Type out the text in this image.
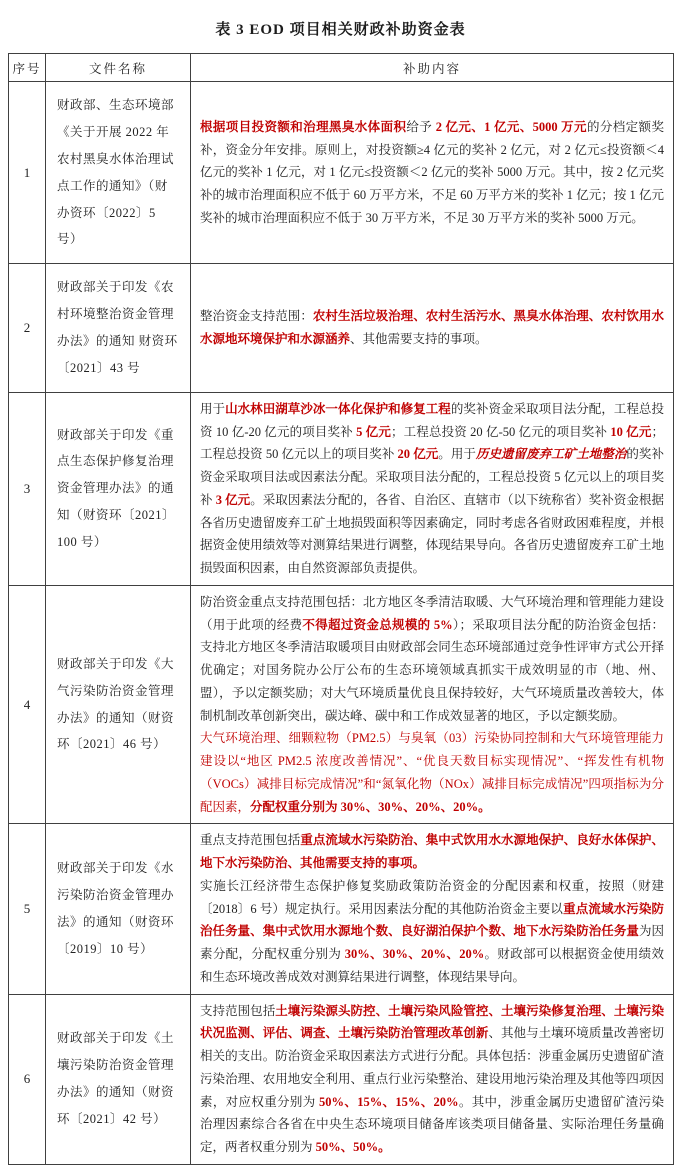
表 3 EOD 项目相关财政补助资金表
序号	文件名称	补助内容
1	财政部、生态环境部《关于开展 2022 年农村黑臭水体治理试点工作的通知》（财办资环〔2022〕5 号）	根据项目投资额和治理黑臭水体面积给予 2 亿元、1 亿元、5000 万元的分档定额奖补，资金分年安排。原则上，对投资额≥4 亿元的奖补 2 亿元，对 2 亿元≤投资额＜4 亿元的奖补 1 亿元，对 1 亿元≤投资额＜2 亿元的奖补 5000 万元。其中，按 2 亿元奖补的城市治理面积应不低于 60 万平方米，不足 60 万平方米的奖补 1 亿元；按 1 亿元奖补的城市治理面积应不低于 30 万平方米，不足 30 万平方米的奖补 5000 万元。

2	财政部关于印发《农村环境整治资金管理办法》的通知 财资环〔2021〕43 号	整治资金支持范围：农村生活垃圾治理、农村生活污水、黑臭水体治理、农村饮用水水源地环境保护和水源涵养、其他需要支持的事项。

3	财政部关于印发《重点生态保护修复治理资金管理办法》的通知（财资环〔2021〕100 号）	用于山水林田湖草沙冰一体化保护和修复工程的奖补资金采取项目法分配，工程总投资 10 亿-20 亿元的项目奖补 5 亿元；工程总投资 20 亿-50 亿元的项目奖补 10 亿元；工程总投资 50 亿元以上的项目奖补 20 亿元。用于历史遗留废弃工矿土地整治的奖补资金采取项目法或因素法分配。采取项目法分配的，工程总投资 5 亿元以上的项目奖补 3 亿元。采取因素法分配的，各省、自治区、直辖市（以下统称省）奖补资金根据各省历史遗留废弃工矿土地损毁面积等因素确定，同时考虑各省财政困难程度，并根据资金使用绩效等对测算结果进行调整，体现结果导向。各省历史遗留废弃工矿土地损毁面积因素，由自然资源部负责提供。

4	财政部关于印发《大气污染防治资金管理办法》的通知（财资环〔2021〕46 号）	防治资金重点支持范围包括：北方地区冬季清洁取暖、大气环境治理和管理能力建设（用于此项的经费不得超过资金总规模的 5%）；采取项目法分配的防治资金包括：支持北方地区冬季清洁取暖项目由财政部会同生态环境部通过竞争性评审方式公开择优确定；对国务院办公厅公布的生态环境领域真抓实干成效明显的市（地、州、盟），予以定额奖励；对大气环境质量优良且保持较好，大气环境质量改善较大，体制机制改革创新突出，碳达峰、碳中和工作成效显著的地区，予以定额奖励。

大气环境治理、细颗粒物（PM2.5）与臭氧（03）污染协同控制和大气环境管理能力建设以“地区 PM2.5 浓度改善情况”、“优良天数目标实现情况”、“挥发性有机物（VOCs）减排目标完成情况”和“氮氧化物（NOx）减排目标完成情况”四项指标为分配因素，分配权重分别为 30%、30%、20%、20%。

5	财政部关于印发《水污染防治资金管理办法》的通知（财资环〔2019〕10 号）	重点支持范围包括重点流域水污染防治、集中式饮用水水源地保护、良好水体保护、地下水污染防治、其他需要支持的事项。

实施长江经济带生态保护修复奖励政策防治资金的分配因素和权重，按照（财建〔2018〕6 号）规定执行。采用因素法分配的其他防治资金主要以重点流域水污染防治任务量、集中式饮用水源地个数、良好湖泊保护个数、地下水污染防治任务量为因素分配，分配权重分别为 30%、30%、20%、20%。财政部可以根据资金使用绩效和生态环境改善成效对测算结果进行调整，体现结果导向。

6	财政部关于印发《土壤污染防治资金管理办法》的通知（财资环〔2021〕42 号）	支持范围包括土壤污染源头防控、土壤污染风险管控、土壤污染修复治理、土壤污染状况监测、评估、调查、土壤污染防治管理改革创新、其他与土壤环境质量改善密切相关的支出。防治资金采取因素法方式进行分配。具体包括：涉重金属历史遗留矿渣污染治理、农用地安全利用、重点行业污染整治、建设用地污染治理及其他等四项因素，对应权重分别为 50%、15%、15%、20%。其中，涉重金属历史遗留矿渣污染治理因素综合各省在中央生态环境项目储备库该类项目储备量、实际治理任务量确定，两者权重分别为 50%、50%。
